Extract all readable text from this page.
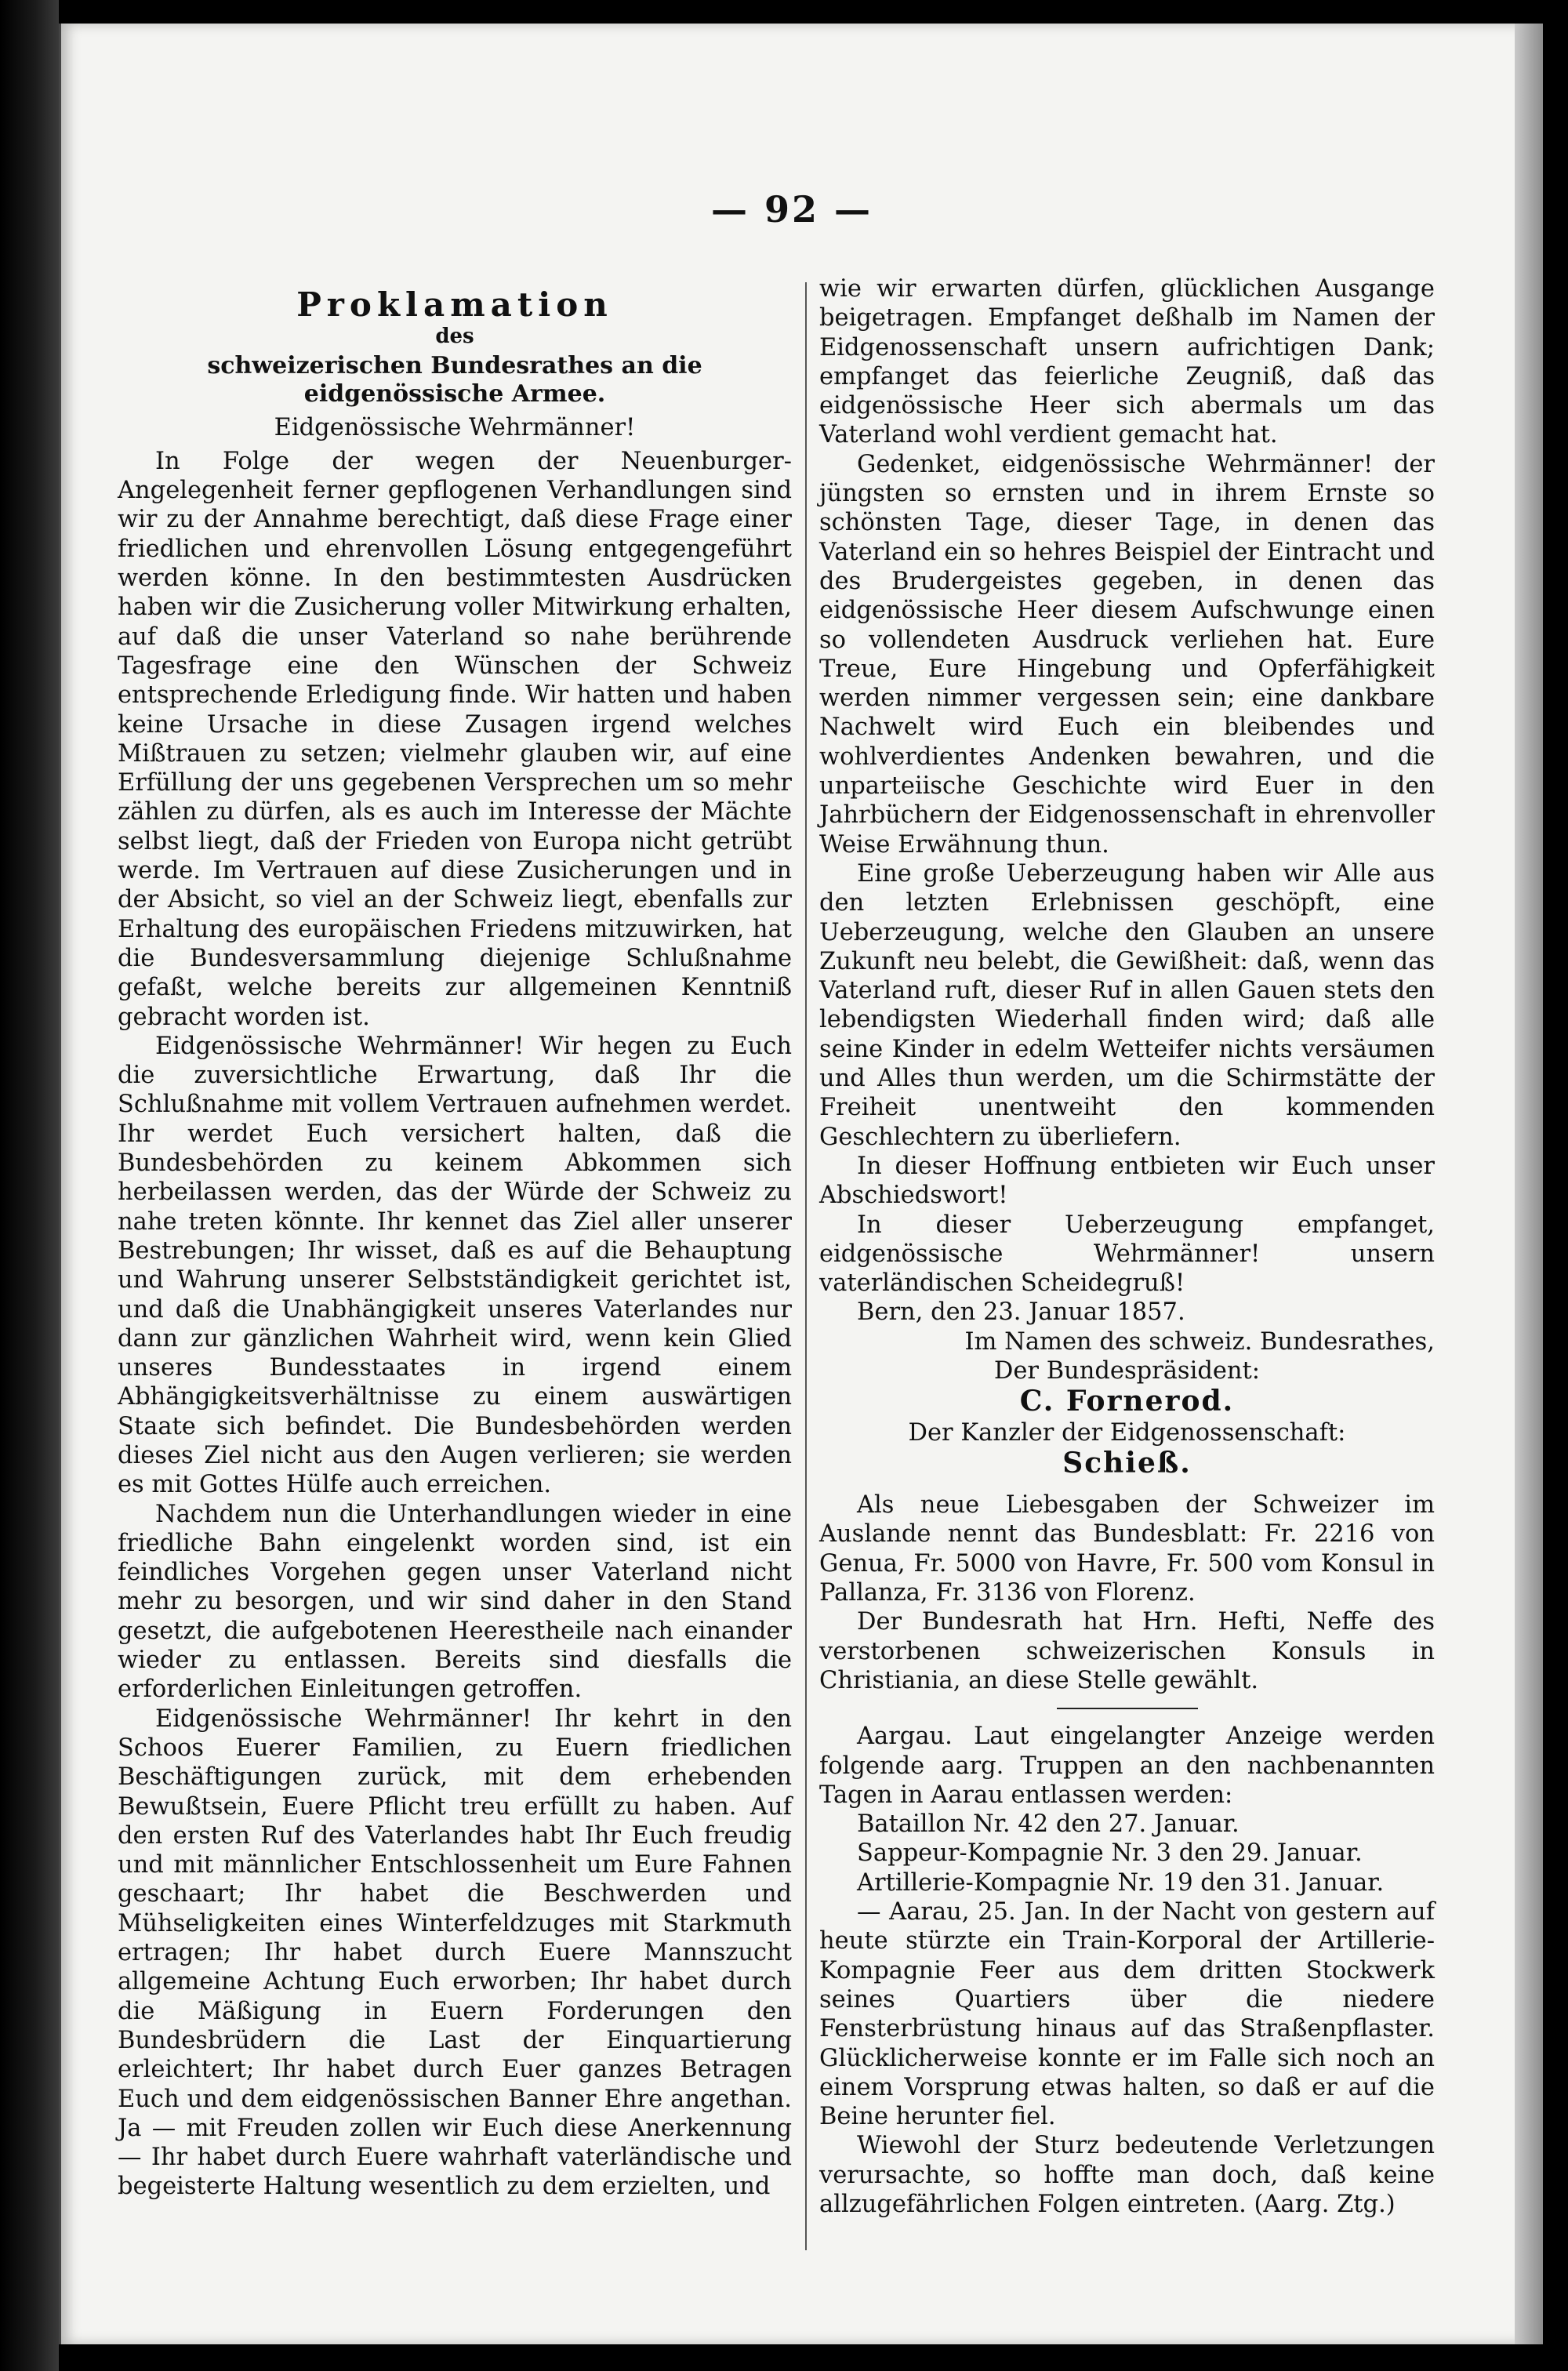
— 92 —

Proklamation

des

schweizerischen Bundesrathes an die eidgenössische Armee.

Eidgenössische Wehrmänner!

In Folge der wegen der Neuenburger-Angelegenheit ferner gepflogenen Verhandlungen sind wir zu der Annahme berechtigt, daß diese Frage einer friedlichen und ehrenvollen Lösung entgegengeführt werden könne. In den bestimmtesten Ausdrücken haben wir die Zusicherung voller Mitwirkung erhalten, auf daß die unser Vaterland so nahe berührende Tagesfrage eine den Wünschen der Schweiz entsprechende Erledigung finde. Wir hatten und haben keine Ursache in diese Zusagen irgend welches Mißtrauen zu setzen; vielmehr glauben wir, auf eine Erfüllung der uns gegebenen Versprechen um so mehr zählen zu dürfen, als es auch im Interesse der Mächte selbst liegt, daß der Frieden von Europa nicht getrübt werde. Im Vertrauen auf diese Zusicherungen und in der Absicht, so viel an der Schweiz liegt, ebenfalls zur Erhaltung des europäischen Friedens mitzuwirken, hat die Bundesversammlung diejenige Schlußnahme gefaßt, welche bereits zur allgemeinen Kenntniß gebracht worden ist.

Eidgenössische Wehrmänner! Wir hegen zu Euch die zuversichtliche Erwartung, daß Ihr die Schlußnahme mit vollem Vertrauen aufnehmen werdet. Ihr werdet Euch versichert halten, daß die Bundesbehörden zu keinem Abkommen sich herbeilassen werden, das der Würde der Schweiz zu nahe treten könnte. Ihr kennet das Ziel aller unserer Bestrebungen; Ihr wisset, daß es auf die Behauptung und Wahrung unserer Selbstständigkeit gerichtet ist, und daß die Unabhängigkeit unseres Vaterlandes nur dann zur gänzlichen Wahrheit wird, wenn kein Glied unseres Bundesstaates in irgend einem Abhängigkeitsverhältnisse zu einem auswärtigen Staate sich befindet. Die Bundesbehörden werden dieses Ziel nicht aus den Augen verlieren; sie werden es mit Gottes Hülfe auch erreichen.

Nachdem nun die Unterhandlungen wieder in eine friedliche Bahn eingelenkt worden sind, ist ein feindliches Vorgehen gegen unser Vaterland nicht mehr zu besorgen, und wir sind daher in den Stand gesetzt, die aufgebotenen Heerestheile nach einander wieder zu entlassen. Bereits sind diesfalls die erforderlichen Einleitungen getroffen.

Eidgenössische Wehrmänner! Ihr kehrt in den Schoos Euerer Familien, zu Euern friedlichen Beschäftigungen zurück, mit dem erhebenden Bewußtsein, Euere Pflicht treu erfüllt zu haben. Auf den ersten Ruf des Vaterlandes habt Ihr Euch freudig und mit männlicher Entschlossenheit um Eure Fahnen geschaart; Ihr habet die Beschwerden und Mühseligkeiten eines Winterfeldzuges mit Starkmuth ertragen; Ihr habet durch Euere Mannszucht allgemeine Achtung Euch erworben; Ihr habet durch die Mäßigung in Euern Forderungen den Bundesbrüdern die Last der Einquartierung erleichtert; Ihr habet durch Euer ganzes Betragen Euch und dem eidgenössischen Banner Ehre angethan. Ja — mit Freuden zollen wir Euch diese Anerkennung — Ihr habet durch Euere wahrhaft vaterländische und begeisterte Haltung wesentlich zu dem erzielten, und

wie wir erwarten dürfen, glücklichen Ausgange beigetragen. Empfanget deßhalb im Namen der Eidgenossenschaft unsern aufrichtigen Dank; empfanget das feierliche Zeugniß, daß das eidgenössische Heer sich abermals um das Vaterland wohl verdient gemacht hat.

Gedenket, eidgenössische Wehrmänner! der jüngsten so ernsten und in ihrem Ernste so schönsten Tage, dieser Tage, in denen das Vaterland ein so hehres Beispiel der Eintracht und des Brudergeistes gegeben, in denen das eidgenössische Heer diesem Aufschwunge einen so vollendeten Ausdruck verliehen hat. Eure Treue, Eure Hingebung und Opferfähigkeit werden nimmer vergessen sein; eine dankbare Nachwelt wird Euch ein bleibendes und wohlverdientes Andenken bewahren, und die unparteiische Geschichte wird Euer in den Jahrbüchern der Eidgenossenschaft in ehrenvoller Weise Erwähnung thun.

Eine große Ueberzeugung haben wir Alle aus den letzten Erlebnissen geschöpft, eine Ueberzeugung, welche den Glauben an unsere Zukunft neu belebt, die Gewißheit: daß, wenn das Vaterland ruft, dieser Ruf in allen Gauen stets den lebendigsten Wiederhall finden wird; daß alle seine Kinder in edelm Wetteifer nichts versäumen und Alles thun werden, um die Schirmstätte der Freiheit unentweiht den kommenden Geschlechtern zu überliefern.

In dieser Hoffnung entbieten wir Euch unser Abschiedswort!

In dieser Ueberzeugung empfanget, eidgenössische Wehrmänner! unsern vaterländischen Scheidegruß!

Bern, den 23. Januar 1857.

Im Namen des schweiz. Bundesrathes,

Der Bundespräsident:

C. Fornerod.

Der Kanzler der Eidgenossenschaft:

Schieß.

Als neue Liebesgaben der Schweizer im Auslande nennt das Bundesblatt: Fr. 2216 von Genua, Fr. 5000 von Havre, Fr. 500 vom Konsul in Pallanza, Fr. 3136 von Florenz.

Der Bundesrath hat Hrn. Hefti, Neffe des verstorbenen schweizerischen Konsuls in Christiania, an diese Stelle gewählt.

Aargau. Laut eingelangter Anzeige werden folgende aarg. Truppen an den nachbenannten Tagen in Aarau entlassen werden:

Bataillon Nr. 42 den 27. Januar.

Sappeur-Kompagnie Nr. 3 den 29. Januar.

Artillerie-Kompagnie Nr. 19 den 31. Januar.

— Aarau, 25. Jan. In der Nacht von gestern auf heute stürzte ein Train-Korporal der Artillerie-Kompagnie Feer aus dem dritten Stockwerk seines Quartiers über die niedere Fensterbrüstung hinaus auf das Straßenpflaster. Glücklicherweise konnte er im Falle sich noch an einem Vorsprung etwas halten, so daß er auf die Beine herunter fiel.

Wiewohl der Sturz bedeutende Verletzungen verursachte, so hoffte man doch, daß keine allzugefährlichen Folgen eintreten. (Aarg. Ztg.)
